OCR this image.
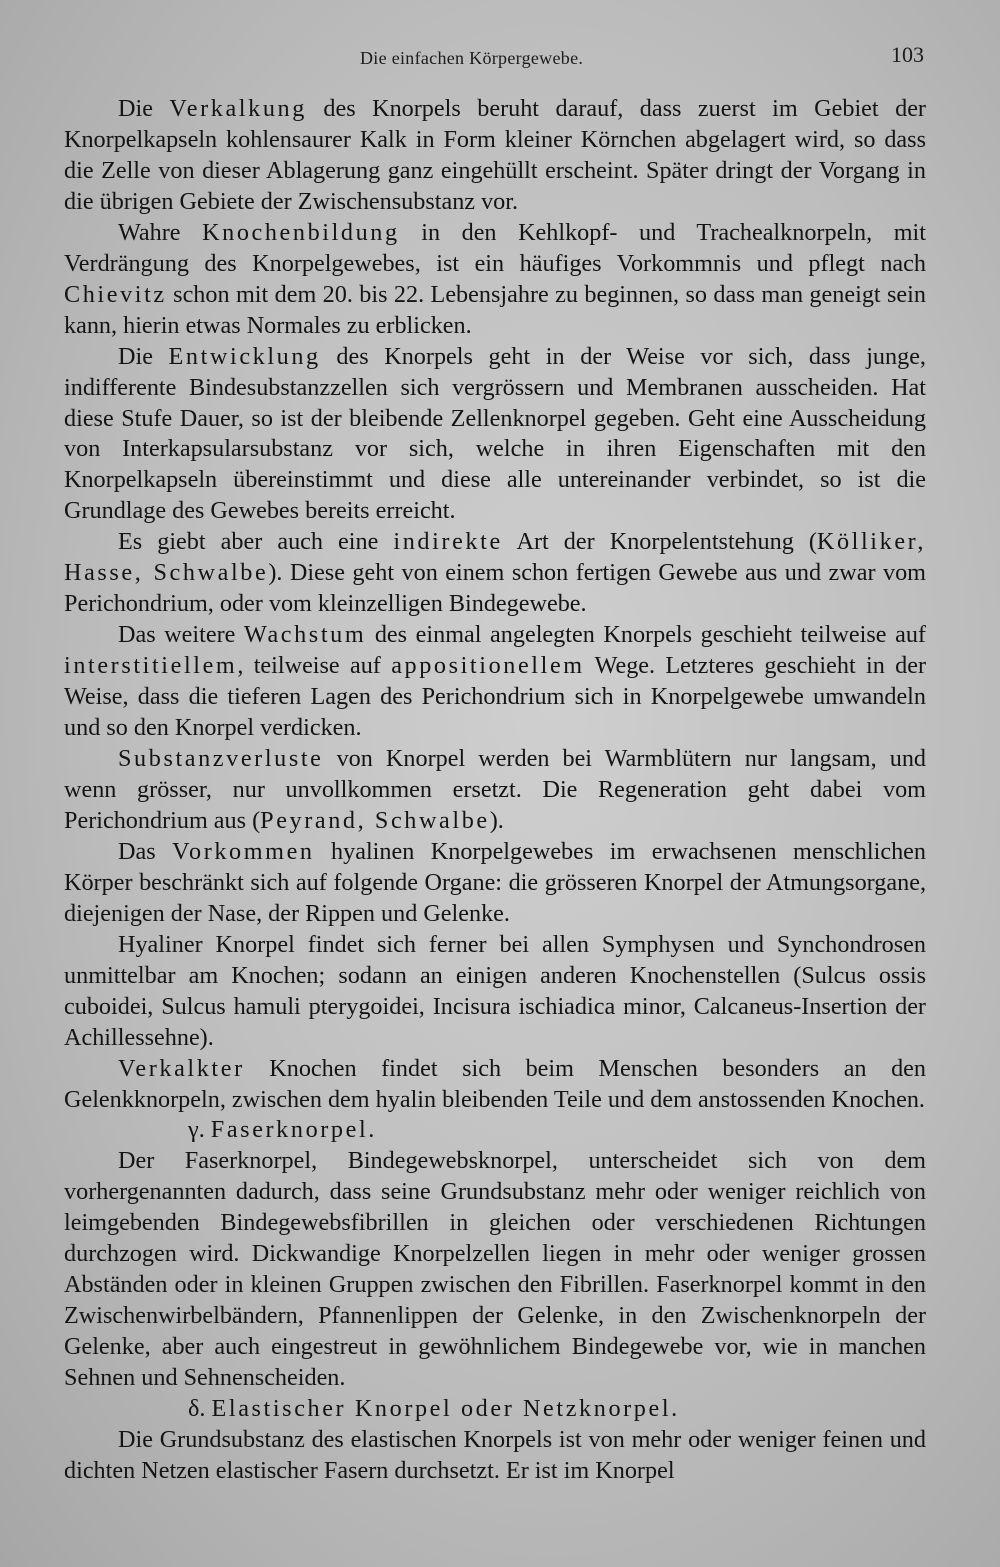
Die einfachen Körpergewebe.	103

Die Verkalkung des Knorpels beruht darauf, dass zuerst im Gebiet der Knorpelkapseln kohlensaurer Kalk in Form kleiner Körnchen abgelagert wird, so dass die Zelle von dieser Ablagerung ganz eingehüllt erscheint. Später dringt der Vorgang in die übrigen Gebiete der Zwischensubstanz vor.

Wahre Knochenbildung in den Kehlkopf- und Trachealknorpeln, mit Verdrängung des Knorpelgewebes, ist ein häufiges Vorkommnis und pflegt nach Chievitz schon mit dem 20. bis 22. Lebensjahre zu beginnen, so dass man geneigt sein kann, hierin etwas Normales zu erblicken.

Die Entwicklung des Knorpels geht in der Weise vor sich, dass junge, indifferente Bindesubstanzzellen sich vergrössern und Membranen ausscheiden. Hat diese Stufe Dauer, so ist der bleibende Zellenknorpel gegeben. Geht eine Ausscheidung von Interkapsularsubstanz vor sich, welche in ihren Eigenschaften mit den Knorpelkapseln übereinstimmt und diese alle untereinander verbindet, so ist die Grundlage des Gewebes bereits erreicht.

Es giebt aber auch eine indirekte Art der Knorpelentstehung (Kölliker, Hasse, Schwalbe). Diese geht von einem schon fertigen Gewebe aus und zwar vom Perichondrium, oder vom kleinzelligen Bindegewebe.

Das weitere Wachstum des einmal angelegten Knorpels geschieht teilweise auf interstitiellem, teilweise auf appositionellem Wege. Letzteres geschieht in der Weise, dass die tieferen Lagen des Perichondrium sich in Knorpelgewebe umwandeln und so den Knorpel verdicken.

Substanzverluste von Knorpel werden bei Warmblütern nur langsam, und wenn grösser, nur unvollkommen ersetzt. Die Regeneration geht dabei vom Perichondrium aus (Peyrand, Schwalbe).

Das Vorkommen hyalinen Knorpelgewebes im erwachsenen menschlichen Körper beschränkt sich auf folgende Organe: die grösseren Knorpel der Atmungsorgane, diejenigen der Nase, der Rippen und Gelenke.

Hyaliner Knorpel findet sich ferner bei allen Symphysen und Synchondrosen unmittelbar am Knochen; sodann an einigen anderen Knochenstellen (Sulcus ossis cuboidei, Sulcus hamuli pterygoidei, Incisura ischiadica minor, Calcaneus-Insertion der Achillessehne).

Verkalkter Knochen findet sich beim Menschen besonders an den Gelenkknorpeln, zwischen dem hyalin bleibenden Teile und dem anstossenden Knochen.

γ. Faserknorpel.

Der Faserknorpel, Bindegewebsknorpel, unterscheidet sich von dem vorhergenannten dadurch, dass seine Grundsubstanz mehr oder weniger reichlich von leimgebenden Bindegewebsfibrillen in gleichen oder verschiedenen Richtungen durchzogen wird. Dickwandige Knorpelzellen liegen in mehr oder weniger grossen Abständen oder in kleinen Gruppen zwischen den Fibrillen. Faserknorpel kommt in den Zwischenwirbelbändern, Pfannenlippen der Gelenke, in den Zwischenknorpeln der Gelenke, aber auch eingestreut in gewöhnlichem Bindegewebe vor, wie in manchen Sehnen und Sehnenscheiden.

δ. Elastischer Knorpel oder Netzknorpel.

Die Grundsubstanz des elastischen Knorpels ist von mehr oder weniger feinen und dichten Netzen elastischer Fasern durchsetzt. Er ist im Knorpel
